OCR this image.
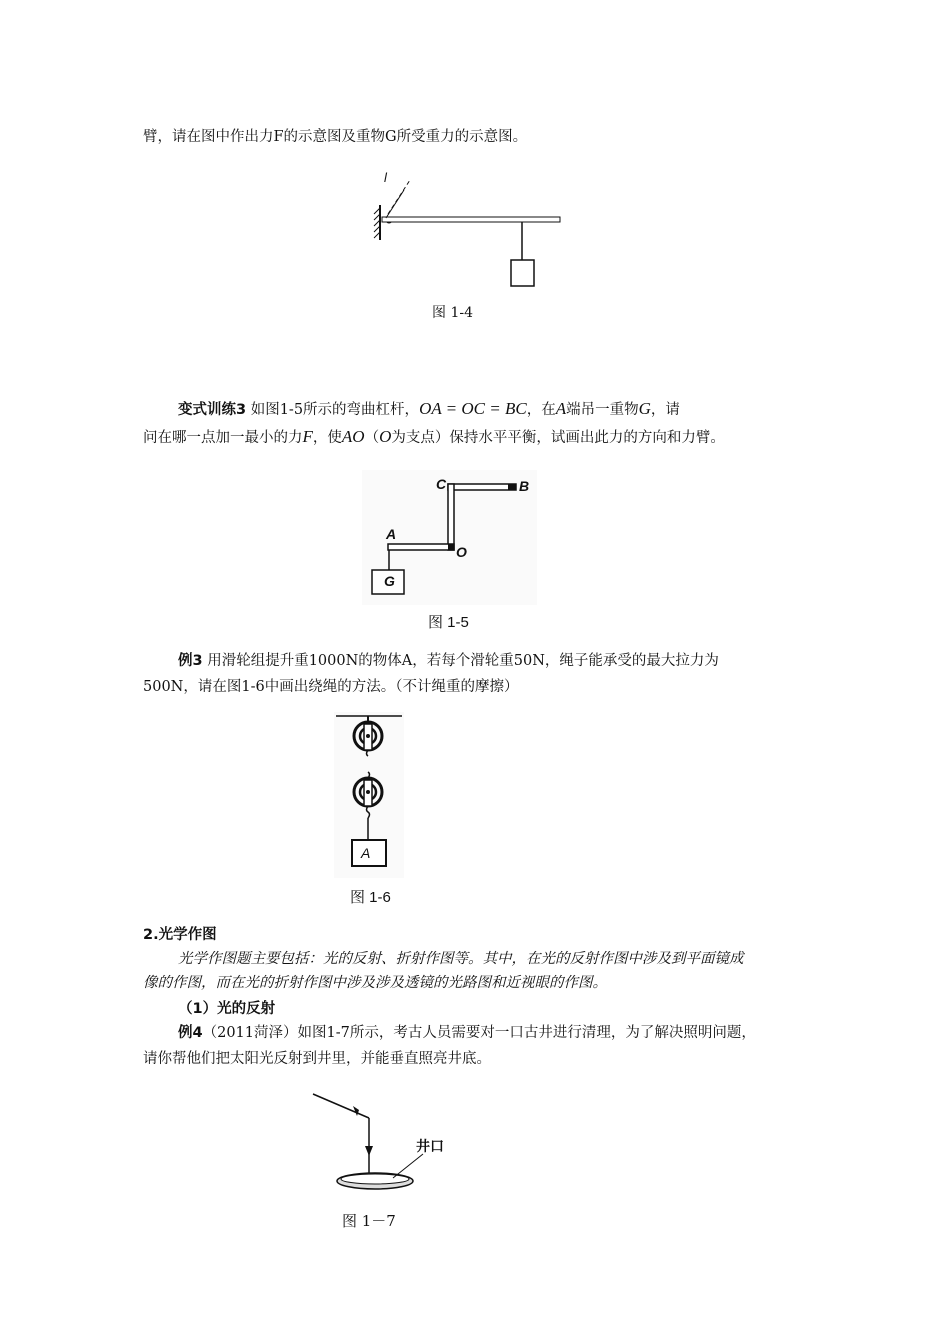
臂，请在图中作出力F的示意图及重物G所受重力的示意图。
l
图 1-4
变式训练3 如图1-5所示的弯曲杠杆，OA = OC = BC，在A端吊一重物G，请
问在哪一点加一最小的力F，使AO（O为支点）保持水平平衡，试画出此力的方向和力臂。
C	B
A
O
G
图 1-5
例3 用滑轮组提升重1000N的物体A，若每个滑轮重50N，绳子能承受的最大拉力为
500N，请在图1-6中画出绕绳的方法。（不计绳重的摩擦）
A
图 1-6
2.光学作图
光学作图题主要包括：光的反射、折射作图等。其中，在光的反射作图中涉及到平面镜成
像的作图，而在光的折射作图中涉及涉及透镜的光路图和近视眼的作图。
（1）光的反射
例4（2011菏泽）如图1-7所示，考古人员需要对一口古井进行清理，为了解决照明问题，
请你帮他们把太阳光反射到井里，并能垂直照亮井底。
井口
图 1－7
